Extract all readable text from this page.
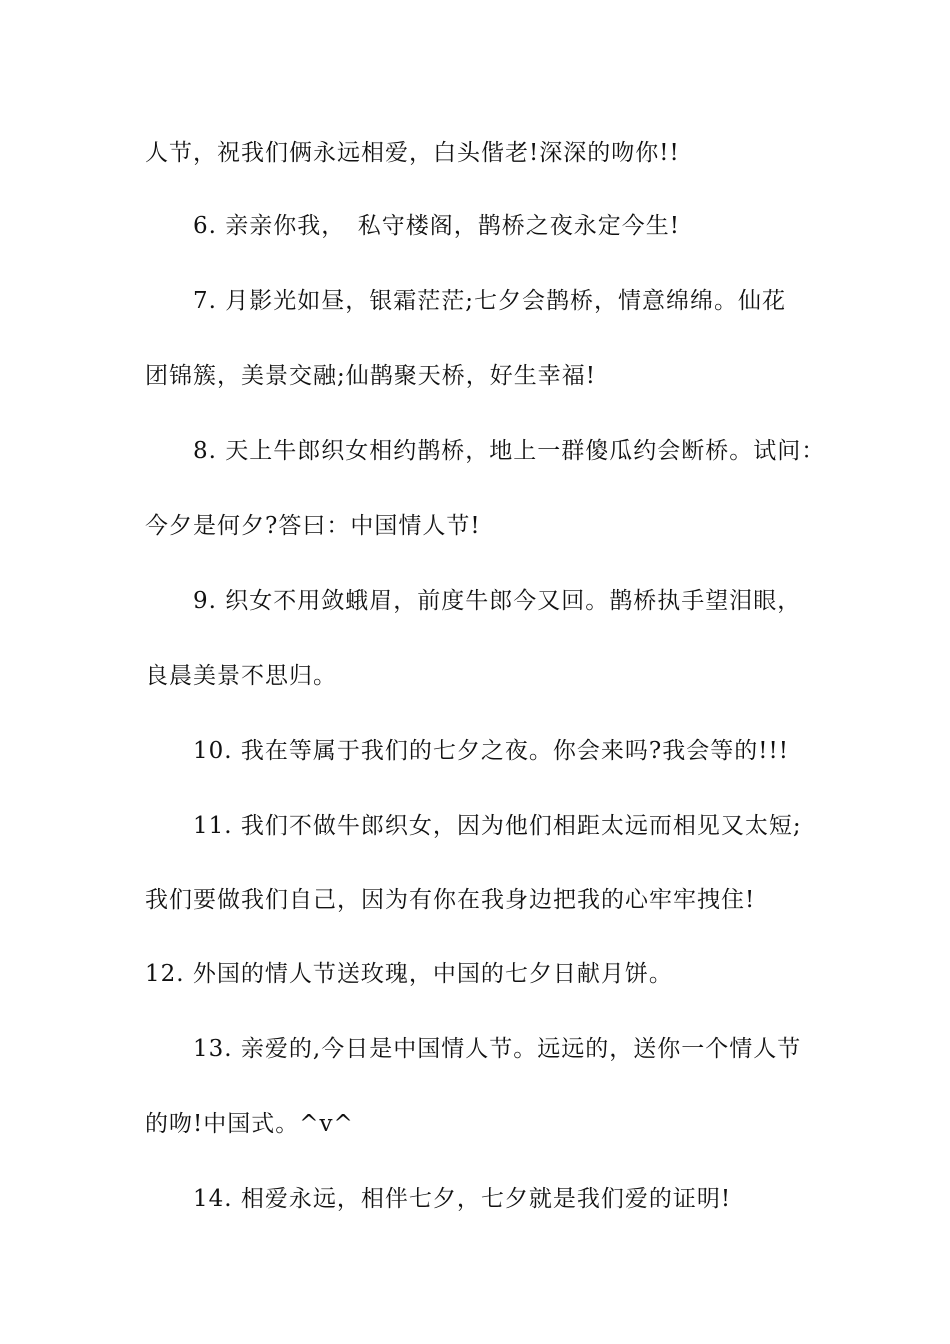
人节，祝我们俩永远相爱，白头偕老!深深的吻你!!
6. 亲亲你我，　私守楼阁，鹊桥之夜永定今生!
7. 月影光如昼，银霜茫茫;七夕会鹊桥，情意绵绵。仙花
团锦簇，美景交融;仙鹊聚天桥，好生幸福!
8. 天上牛郎织女相约鹊桥，地上一群傻瓜约会断桥。试问：
今夕是何夕?答曰：中国情人节!
9. 织女不用敛蛾眉，前度牛郎今又回。鹊桥执手望泪眼，
良晨美景不思归。
10. 我在等属于我们的七夕之夜。你会来吗?我会等的!!!
11. 我们不做牛郎织女，因为他们相距太远而相见又太短;
我们要做我们自己，因为有你在我身边把我的心牢牢拽住!
12. 外国的情人节送玫瑰，中国的七夕日献月饼。
13. 亲爱的,今日是中国情人节。远远的，送你一个情人节
的吻!中国式。^v^
14. 相爱永远，相伴七夕，七夕就是我们爱的证明!
